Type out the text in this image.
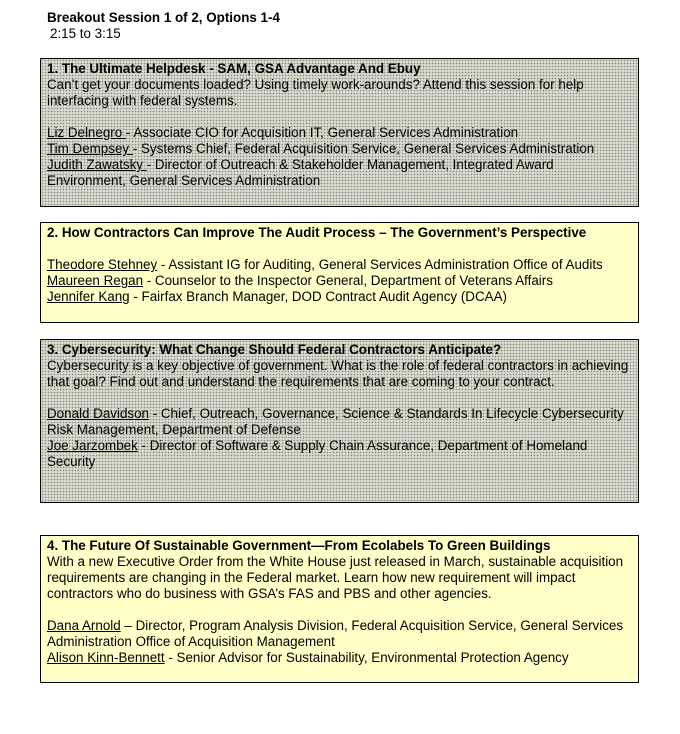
Breakout Session 1 of 2, Options 1-4
2:15 to 3:15

1. The Ultimate Helpdesk - SAM, GSA Advantage And Ebuy

Can’t get your documents loaded? Using timely work-arounds? Attend this session for help interfacing with federal systems.

Liz Delnegro - Associate CIO for Acquisition IT, General Services Administration

Tim Dempsey - Systems Chief, Federal Acquisition Service, General Services Administration

Judith Zawatsky - Director of Outreach & Stakeholder Management, Integrated Award Environment, General Services Administration

2. How Contractors Can Improve The Audit Process – The Government’s Perspective

Theodore Stehney - Assistant IG for Auditing, General Services Administration Office of Audits

Maureen Regan - Counselor to the Inspector General, Department of Veterans Affairs

Jennifer Kang - Fairfax Branch Manager, DOD Contract Audit Agency (DCAA)

3. Cybersecurity: What Change Should Federal Contractors Anticipate?

Cybersecurity is a key objective of government. What is the role of federal contractors in achieving that goal? Find out and understand the requirements that are coming to your contract.

Donald Davidson - Chief, Outreach, Governance, Science & Standards In Lifecycle Cybersecurity Risk Management, Department of Defense

Joe Jarzombek - Director of Software & Supply Chain Assurance, Department of Homeland Security

4. The Future Of Sustainable Government—From Ecolabels To Green Buildings

With a new Executive Order from the White House just released in March, sustainable acquisition requirements are changing in the Federal market. Learn how new requirement will impact contractors who do business with GSA’s FAS and PBS and other agencies.

Dana Arnold – Director, Program Analysis Division, Federal Acquisition Service, General Services Administration Office of Acquisition Management

Alison Kinn-Bennett - Senior Advisor for Sustainability, Environmental Protection Agency
